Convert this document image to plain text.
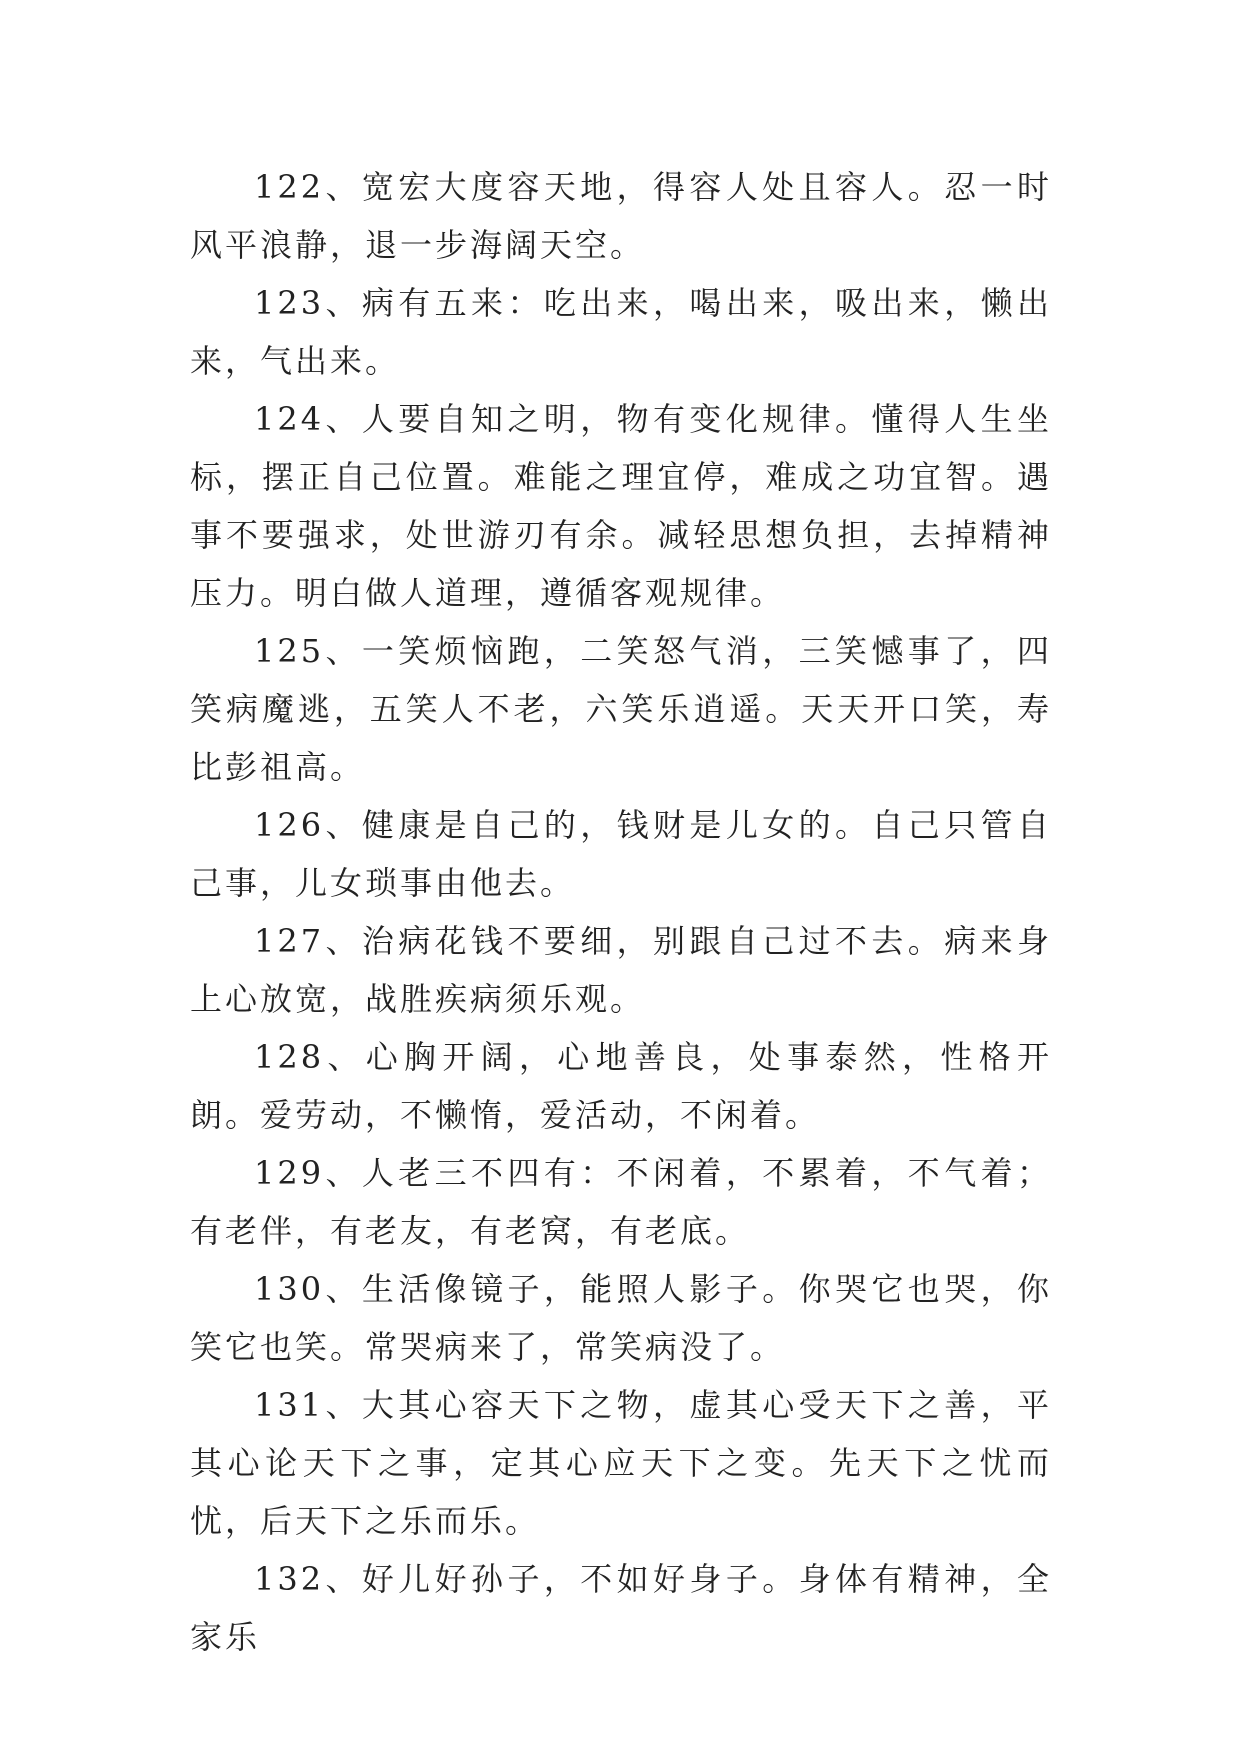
122、宽宏大度容天地，得容人处且容人。忍一时风平浪静，退一步海阔天空。

123、病有五来：吃出来，喝出来，吸出来，懒出来，气出来。

124、人要自知之明，物有变化规律。懂得人生坐标，摆正自己位置。难能之理宜停，难成之功宜智。遇事不要强求，处世游刃有余。减轻思想负担，去掉精神压力。明白做人道理，遵循客观规律。

125、一笑烦恼跑，二笑怒气消，三笑憾事了，四笑病魔逃，五笑人不老，六笑乐逍遥。天天开口笑，寿比彭祖高。

126、健康是自己的，钱财是儿女的。自己只管自己事，儿女琐事由他去。

127、治病花钱不要细，别跟自己过不去。病来身上心放宽，战胜疾病须乐观。

128、心胸开阔，心地善良，处事泰然，性格开朗。爱劳动，不懒惰，爱活动，不闲着。

129、人老三不四有：不闲着，不累着，不气着；有老伴，有老友，有老窝，有老底。

130、生活像镜子，能照人影子。你哭它也哭，你笑它也笑。常哭病来了，常笑病没了。

131、大其心容天下之物，虚其心受天下之善，平其心论天下之事，定其心应天下之变。先天下之忧而忧，后天下之乐而乐。

132、好儿好孙子，不如好身子。身体有精神，全家乐
